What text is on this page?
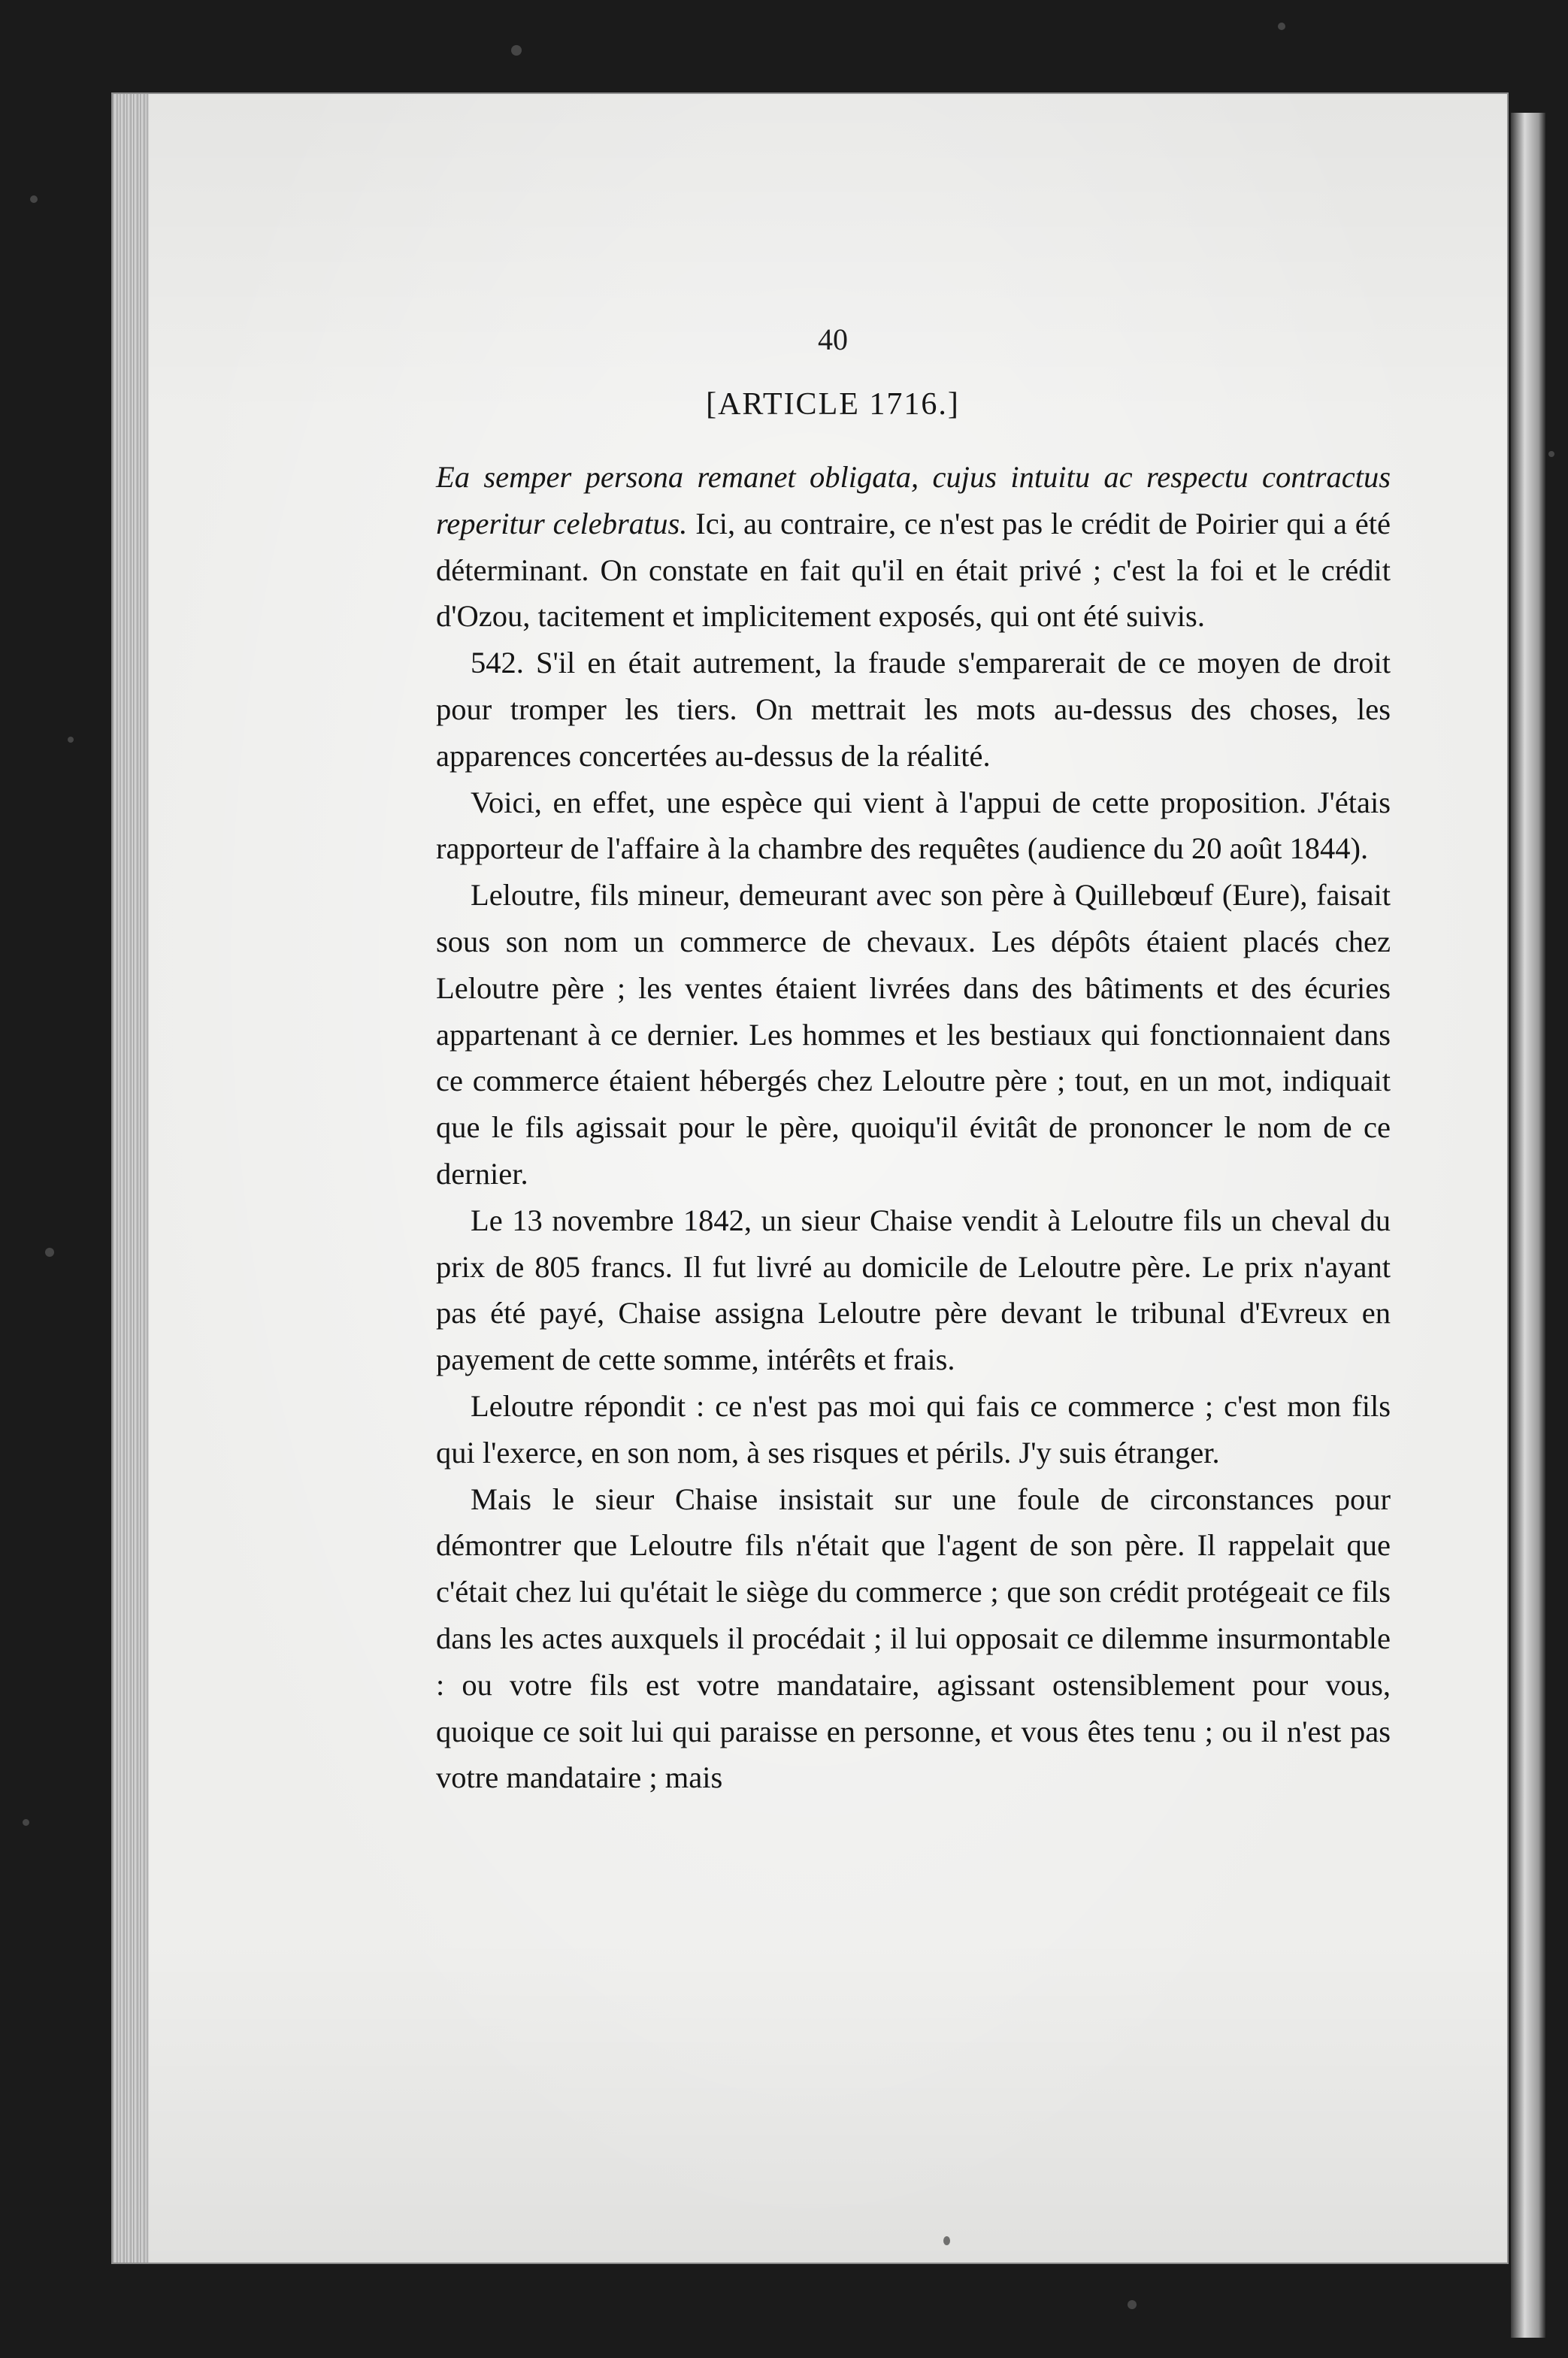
40
[ARTICLE 1716.]

Ea semper persona remanet obligata, cujus intuitu ac respectu contractus reperitur celebratus. Ici, au contraire, ce n'est pas le crédit de Poirier qui a été déterminant. On constate en fait qu'il en était privé ; c'est la foi et le crédit d'Ozou, tacitement et implicitement exposés, qui ont été suivis.

542. S'il en était autrement, la fraude s'emparerait de ce moyen de droit pour tromper les tiers. On mettrait les mots au-dessus des choses, les apparences concertées au-dessus de la réalité.

Voici, en effet, une espèce qui vient à l'appui de cette proposition. J'étais rapporteur de l'affaire à la chambre des requêtes (audience du 20 août 1844).

Leloutre, fils mineur, demeurant avec son père à Quillebœuf (Eure), faisait sous son nom un commerce de chevaux. Les dépôts étaient placés chez Leloutre père ; les ventes étaient livrées dans des bâtiments et des écuries appartenant à ce dernier. Les hommes et les bestiaux qui fonctionnaient dans ce commerce étaient hébergés chez Leloutre père ; tout, en un mot, indiquait que le fils agissait pour le père, quoiqu'il évitât de prononcer le nom de ce dernier.

Le 13 novembre 1842, un sieur Chaise vendit à Leloutre fils un cheval du prix de 805 francs. Il fut livré au domicile de Leloutre père. Le prix n'ayant pas été payé, Chaise assigna Leloutre père devant le tribunal d'Evreux en payement de cette somme, intérêts et frais.

Leloutre répondit : ce n'est pas moi qui fais ce commerce ; c'est mon fils qui l'exerce, en son nom, à ses risques et périls. J'y suis étranger.

Mais le sieur Chaise insistait sur une foule de circonstances pour démontrer que Leloutre fils n'était que l'agent de son père. Il rappelait que c'était chez lui qu'était le siège du commerce ; que son crédit protégeait ce fils dans les actes auxquels il procédait ; il lui opposait ce dilemme insurmontable : ou votre fils est votre mandataire, agissant ostensiblement pour vous, quoique ce soit lui qui paraisse en personne, et vous êtes tenu ; ou il n'est pas votre mandataire ; mais
